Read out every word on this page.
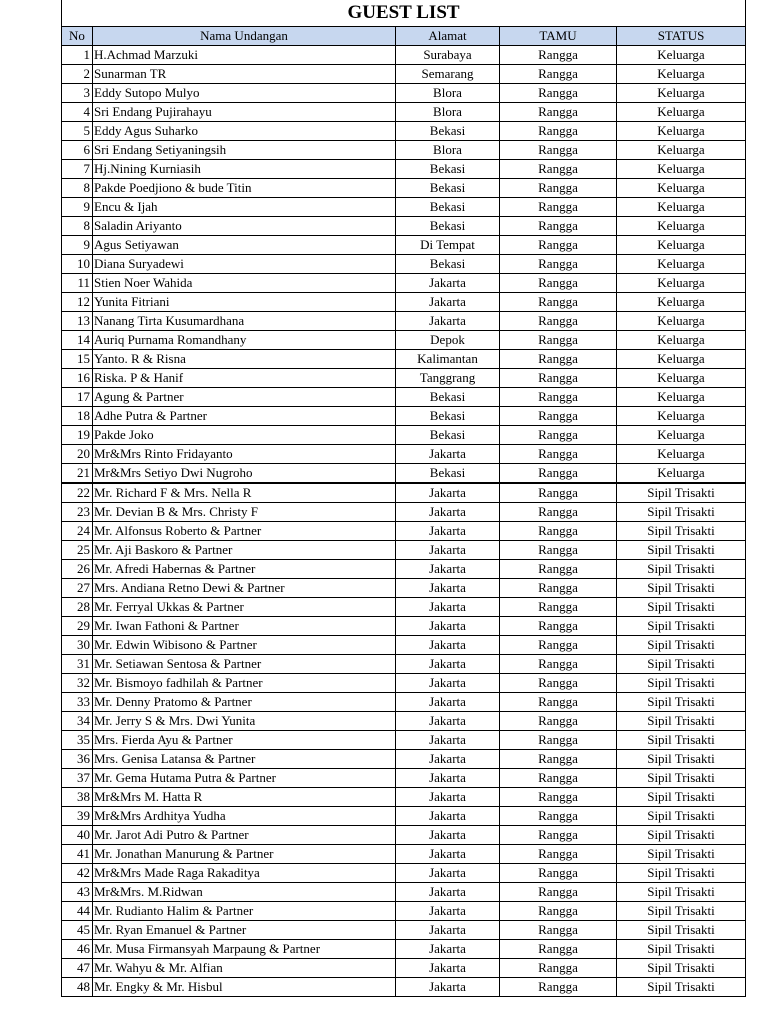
GUEST LIST				
No	Nama Undangan	Alamat	TAMU	STATUS
1	H.Achmad Marzuki	Surabaya	Rangga	Keluarga
2	Sunarman TR	Semarang	Rangga	Keluarga
3	Eddy Sutopo Mulyo	Blora	Rangga	Keluarga
4	Sri Endang Pujirahayu	Blora	Rangga	Keluarga
5	Eddy Agus Suharko	Bekasi	Rangga	Keluarga
6	Sri Endang Setiyaningsih	Blora	Rangga	Keluarga
7	Hj.Nining Kurniasih	Bekasi	Rangga	Keluarga
8	Pakde Poedjiono & bude Titin	Bekasi	Rangga	Keluarga
9	Encu & Ijah	Bekasi	Rangga	Keluarga
8	Saladin Ariyanto	Bekasi	Rangga	Keluarga
9	Agus Setiyawan	Di Tempat	Rangga	Keluarga
10	Diana Suryadewi	Bekasi	Rangga	Keluarga
11	Stien Noer Wahida	Jakarta	Rangga	Keluarga
12	Yunita Fitriani	Jakarta	Rangga	Keluarga
13	Nanang Tirta Kusumardhana	Jakarta	Rangga	Keluarga
14	Auriq Purnama Romandhany	Depok	Rangga	Keluarga
15	Yanto. R & Risna	Kalimantan	Rangga	Keluarga
16	Riska. P & Hanif	Tanggrang	Rangga	Keluarga
17	Agung & Partner	Bekasi	Rangga	Keluarga
18	Adhe Putra & Partner	Bekasi	Rangga	Keluarga
19	Pakde Joko	Bekasi	Rangga	Keluarga
20	Mr&Mrs Rinto Fridayanto	Jakarta	Rangga	Keluarga
21	Mr&Mrs Setiyo Dwi Nugroho	Bekasi	Rangga	Keluarga
22	Mr. Richard F & Mrs. Nella R	Jakarta	Rangga	Sipil Trisakti
23	Mr. Devian B & Mrs. Christy F	Jakarta	Rangga	Sipil Trisakti
24	Mr. Alfonsus Roberto & Partner	Jakarta	Rangga	Sipil Trisakti
25	Mr. Aji Baskoro & Partner	Jakarta	Rangga	Sipil Trisakti
26	Mr. Afredi Habernas & Partner	Jakarta	Rangga	Sipil Trisakti
27	Mrs. Andiana Retno Dewi & Partner	Jakarta	Rangga	Sipil Trisakti
28	Mr. Ferryal Ukkas & Partner	Jakarta	Rangga	Sipil Trisakti
29	Mr. Iwan Fathoni & Partner	Jakarta	Rangga	Sipil Trisakti
30	Mr. Edwin Wibisono & Partner	Jakarta	Rangga	Sipil Trisakti
31	Mr. Setiawan Sentosa & Partner	Jakarta	Rangga	Sipil Trisakti
32	Mr. Bismoyo fadhilah & Partner	Jakarta	Rangga	Sipil Trisakti
33	Mr. Denny Pratomo & Partner	Jakarta	Rangga	Sipil Trisakti
34	Mr. Jerry S & Mrs. Dwi Yunita	Jakarta	Rangga	Sipil Trisakti
35	Mrs. Fierda Ayu & Partner	Jakarta	Rangga	Sipil Trisakti
36	Mrs. Genisa Latansa & Partner	Jakarta	Rangga	Sipil Trisakti
37	Mr. Gema Hutama Putra & Partner	Jakarta	Rangga	Sipil Trisakti
38	Mr&Mrs M. Hatta R	Jakarta	Rangga	Sipil Trisakti
39	Mr&Mrs Ardhitya Yudha	Jakarta	Rangga	Sipil Trisakti
40	Mr. Jarot Adi Putro & Partner	Jakarta	Rangga	Sipil Trisakti
41	Mr. Jonathan Manurung & Partner	Jakarta	Rangga	Sipil Trisakti
42	Mr&Mrs Made Raga Rakaditya	Jakarta	Rangga	Sipil Trisakti
43	Mr&Mrs. M.Ridwan	Jakarta	Rangga	Sipil Trisakti
44	Mr. Rudianto Halim & Partner	Jakarta	Rangga	Sipil Trisakti
45	Mr. Ryan Emanuel & Partner	Jakarta	Rangga	Sipil Trisakti
46	Mr. Musa Firmansyah Marpaung & Partner	Jakarta	Rangga	Sipil Trisakti
47	Mr. Wahyu & Mr. Alfian	Jakarta	Rangga	Sipil Trisakti
48	Mr. Engky & Mr. Hisbul	Jakarta	Rangga	Sipil Trisakti
